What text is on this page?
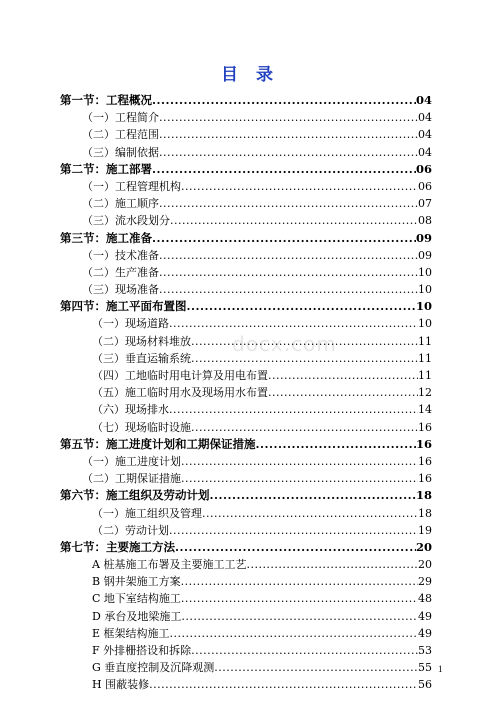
目 录
docx.com
第一节：工程概况 .....	04
（一）工程简介 .....	04
（二）工程范围 .....	04
（三）编制依据 .....	04
第二节：施工部署 .....	06
（一）工程管理机构 .....	06
（二）施工顺序 .....	07
（三）流水段划分 .....	08
第三节：施工准备 .....	09
（一）技术准备 .....	09
（二）生产准备 .....	10
（三）现场准备 .....	10
第四节：施工平面布置图 .....	10
（一）现场道路 .....	10
（二）现场材料堆放 .....	11
（三）垂直运输系统 .....	11
（四）工地临时用电计算及用电布置 .....	11
（五）施工临时用水及现场用水布置 .....	12
（六）现场排水 .....	14
（七）现场临时设施 .....	16
第五节：施工进度计划和工期保证措施 .....	16
（一）施工进度计划 .....	16
（二）工期保证措施 .....	16
第六节：施工组织及劳动计划 .....	18
（一）施工组织及管理 .....	18
（二）劳动计划 .....	19
第七节：主要施工方法 .....	20
A 桩基施工布署及主要施工工艺 .....	20
B 钢井架施工方案 .....	29
C 地下室结构施工 .....	48
D 承台及地梁施工 .....	49
E 框架结构施工 .....	49
F 外排栅搭设和拆除 .....	53
G 垂直度控制及沉降观测 .....	55
H 围蔽装修 .....	56
1
